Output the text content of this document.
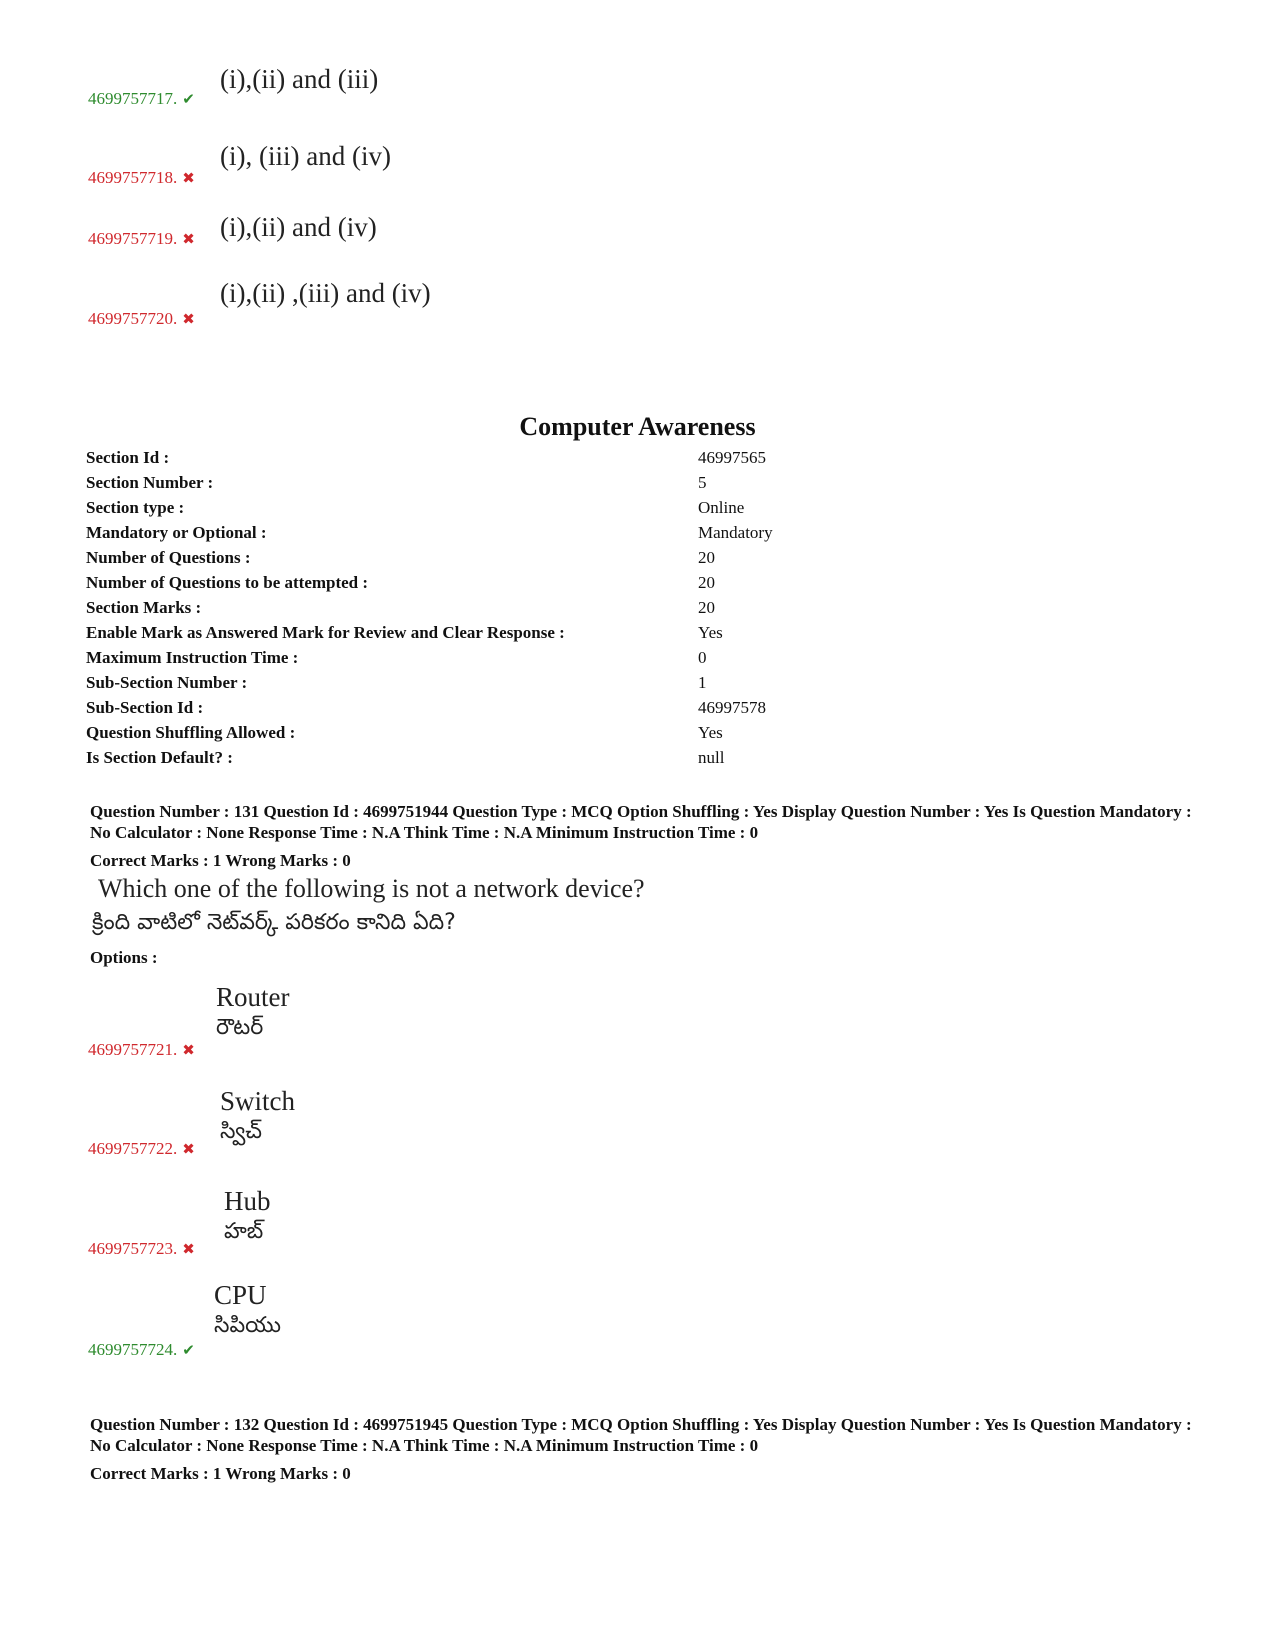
4699757717. ✔
(i),(ii) and (iii)
4699757718. ✖
(i), (iii) and (iv)
4699757719. ✖ (i),(ii) and (iv)
4699757720. ✖
(i),(ii) ,(iii) and (iv)
Computer Awareness
Section Id :	46997565
Section Number :	5
Section type :	Online
Mandatory or Optional :	Mandatory
Number of Questions :	20
Number of Questions to be attempted :	20
Section Marks :	20
Enable Mark as Answered Mark for Review and Clear Response :	Yes
Maximum Instruction Time :	0
Sub-Section Number :	1
Sub-Section Id :	46997578
Question Shuffling Allowed :	Yes
Is Section Default? :	null
Question Number : 131 Question Id : 4699751944 Question Type : MCQ Option Shuffling : Yes Display Question Number : Yes Is Question Mandatory : No Calculator : None Response Time : N.A Think Time : N.A Minimum Instruction Time : 0
Correct Marks : 1 Wrong Marks : 0
Which one of the following is not a network device?
క్రింది వాటిలో నెట్‌వర్క్ పరికరం కానిది ఏది?
Options :
4699757721. ✖
Router
రౌటర్
4699757722. ✖
Switch
స్విచ్
4699757723. ✖
Hub
హబ్
4699757724. ✔
CPU
సిపియు
Question Number : 132 Question Id : 4699751945 Question Type : MCQ Option Shuffling : Yes Display Question Number : Yes Is Question Mandatory : No Calculator : None Response Time : N.A Think Time : N.A Minimum Instruction Time : 0
Correct Marks : 1 Wrong Marks : 0
